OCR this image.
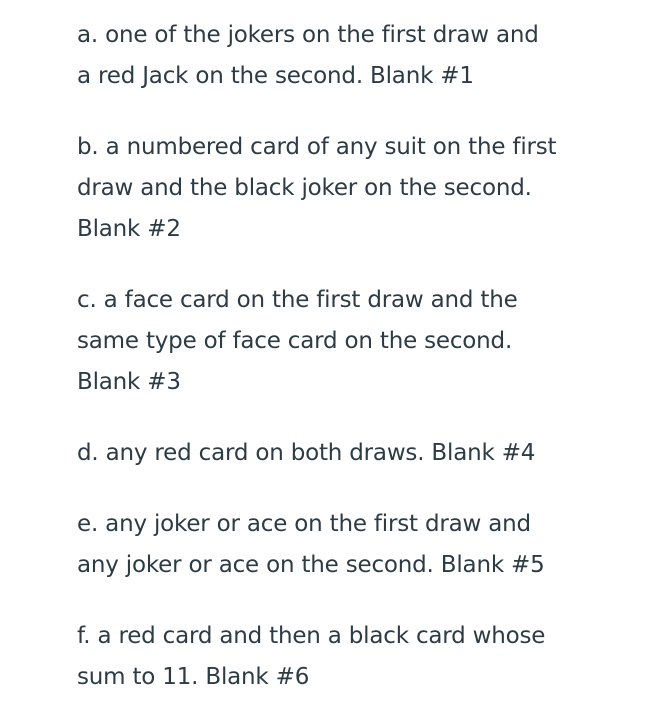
a. one of the jokers on the first draw and
a red Jack on the second. Blank #1
b. a numbered card of any suit on the first
draw and the black joker on the second.
Blank #2
c. a face card on the first draw and the
same type of face card on the second.
Blank #3
d. any red card on both draws. Blank #4
e. any joker or ace on the first draw and
any joker or ace on the second. Blank #5
f. a red card and then a black card whose
sum to 11. Blank #6
